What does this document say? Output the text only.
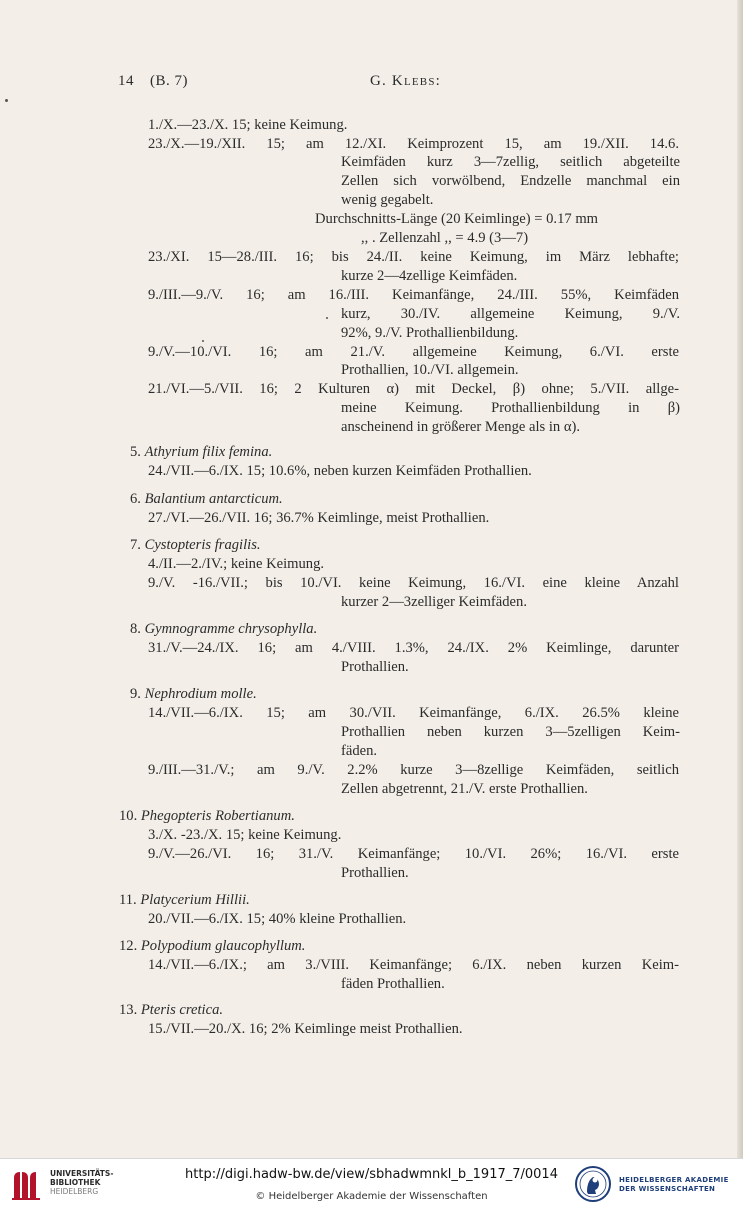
14 (B. 7)	G. Klebs:
1./X.—23./X. 15; keine Keimung.
23./X.—19./XII. 15; am 12./XI. Keimprozent 15, am 19./XII. 14.6.
Keimfäden kurz 3—7zellig, seitlich abgeteilte
Zellen sich vorwölbend, Endzelle manchmal ein
wenig gegabelt.
Durchschnitts-Länge (20 Keimlinge) = 0.17 mm
,, . Zellenzahl ,, = 4.9 (3—7)
23./XI. 15—28./III. 16; bis 24./II. keine Keimung, im März lebhafte;
kurze 2—4zellige Keimfäden.
9./III.—9./V. 16; am 16./III. Keimanfänge, 24./III. 55%, Keimfäden
kurz, 30./IV. allgemeine Keimung, 9./V.
92%, 9./V. Prothallienbildung.
9./V.—10./VI. 16; am 21./V. allgemeine Keimung, 6./VI. erste
Prothallien, 10./VI. allgemein.
21./VI.—5./VII. 16; 2 Kulturen α) mit Deckel, β) ohne; 5./VII. allge-
meine Keimung. Prothallienbildung in β)
anscheinend in größerer Menge als in α).
5. Athyrium filix femina.
24./VII.—6./IX. 15; 10.6%, neben kurzen Keimfäden Prothallien.
6. Balantium antarcticum.
27./VI.—26./VII. 16; 36.7% Keimlinge, meist Prothallien.
7. Cystopteris fragilis.
4./II.—2./IV.; keine Keimung.
9./V. -16./VII.; bis 10./VI. keine Keimung, 16./VI. eine kleine Anzahl
kurzer 2—3zelliger Keimfäden.
8. Gymnogramme chrysophylla.
31./V.—24./IX. 16; am 4./VIII. 1.3%, 24./IX. 2% Keimlinge, darunter
Prothallien.
9. Nephrodium molle.
14./VII.—6./IX. 15; am 30./VII. Keimanfänge, 6./IX. 26.5% kleine
Prothallien neben kurzen 3—5zelligen Keim-
fäden.
9./III.—31./V.; am 9./V. 2.2% kurze 3—8zellige Keimfäden, seitlich
Zellen abgetrennt, 21./V. erste Prothallien.
10. Phegopteris Robertianum.
3./X. -23./X. 15; keine Keimung.
9./V.—26./VI. 16; 31./V. Keimanfänge; 10./VI. 26%; 16./VI. erste
Prothallien.
11. Platycerium Hillii.
20./VII.—6./IX. 15; 40% kleine Prothallien.
12. Polypodium glaucophyllum.
14./VII.—6./IX.; am 3./VIII. Keimanfänge; 6./IX. neben kurzen Keim-
fäden Prothallien.
13. Pteris cretica.
15./VII.—20./X. 16; 2% Keimlinge meist Prothallien.
UNIVERSITÄTS-
BIBLIOTHEK
HEIDELBERG
http://digi.hadw-bw.de/view/sbhadwmnkl_b_1917_7/0014
© Heidelberger Akademie der Wissenschaften
HEIDELBERGER AKADEMIE
DER WISSENSCHAFTEN
